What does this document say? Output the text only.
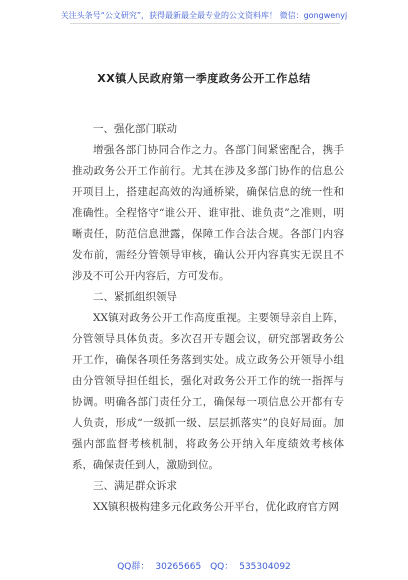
关注头条号“公文研究”，获得最新最全最专业的公文资料库！ 微信：gongwenyj
XX镇人民政府第一季度政务公开工作总结
一、强化部门联动

增强各部门协同合作之力。各部门间紧密配合，携手推动政务公开工作前行。尤其在涉及多部门协作的信息公开项目上，搭建起高效的沟通桥梁，确保信息的统一性和准确性。全程恪守“谁公开、谁审批、谁负责”之准则，明晰责任，防范信息泄露，保障工作合法合规。各部门内容发布前，需经分管领导审核，确认公开内容真实无误且不涉及不可公开内容后，方可发布。

二、紧抓组织领导

XX镇对政务公开工作高度重视。主要领导亲自上阵，分管领导具体负责。多次召开专题会议，研究部署政务公开工作，确保各项任务落到实处。成立政务公开领导小组由分管领导担任组长，强化对政务公开工作的统一指挥与协调。明确各部门责任分工，确保每一项信息公开都有专人负责，形成“一级抓一级、层层抓落实”的良好局面。加强内部监督考核机制，将政务公开纳入年度绩效考核体系，确保责任到人，激励到位。

三、满足群众诉求

XX镇积极构建多元化政务公开平台，优化政府官方网

QQ群： 30265665 QQ： 535304092
